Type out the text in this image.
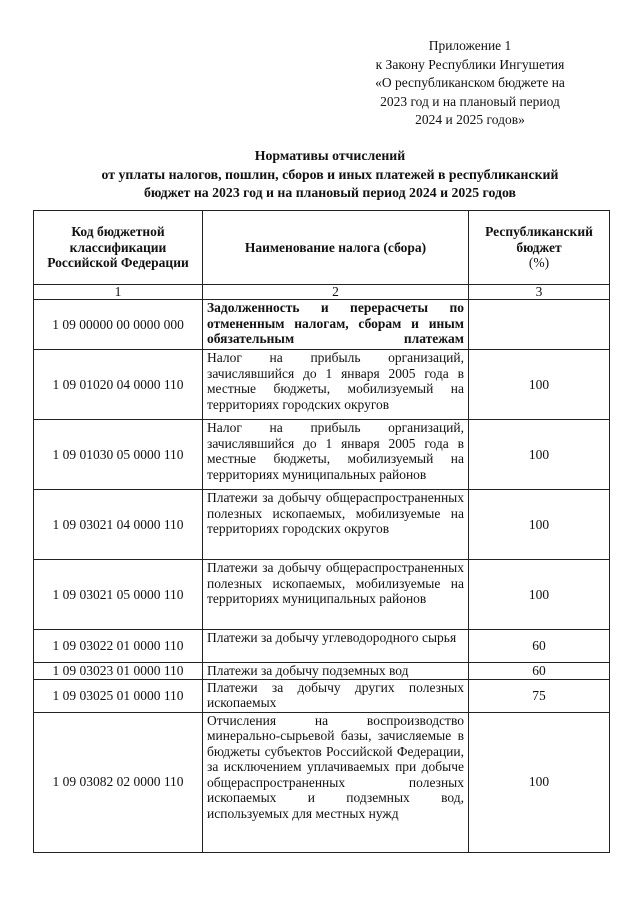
Приложение 1
к Закону Республики Ингушетия
«О республиканском бюджете на
2023 год и на плановый период
2024 и 2025 годов»
Нормативы отчислений
от уплаты налогов, пошлин, сборов и иных платежей в республиканский
бюджет на 2023 год и на плановый период 2024 и 2025 годов
Код бюджетной классификации Российской Федерации	Наименование налога (сбора)	Республиканский бюджет
(%)
1	2	3
1 09 00000 00 0000 000	Задолженность и перерасчеты по отмененным налогам, сборам и иным обязательным платежам	
1 09 01020 04 0000 110	Налог на прибыль организаций, зачислявшийся до 1 января 2005 года в местные бюджеты, мобилизуемый на территориях городских округов	100
1 09 01030 05 0000 110	Налог на прибыль организаций, зачислявшийся до 1 января 2005 года в местные бюджеты, мобилизуемый на территориях муниципальных районов	100
1 09 03021 04 0000 110	Платежи за добычу общераспространенных полезных ископаемых, мобилизуемые на территориях городских округов	100
1 09 03021 05 0000 110	Платежи за добычу общераспространенных полезных ископаемых, мобилизуемые на территориях муниципальных районов	100
1 09 03022 01 0000 110	Платежи за добычу углеводородного сырья	60
1 09 03023 01 0000 110	Платежи за добычу подземных вод	60
1 09 03025 01 0000 110	Платежи за добычу других полезных ископаемых	75
1 09 03082 02 0000 110	Отчисления на воспроизводство минерально-сырьевой базы, зачисляемые в бюджеты субъектов Российской Федерации, за исключением уплачиваемых при добыче общераспространенных полезных ископаемых и подземных вод, используемых для местных нужд	100
